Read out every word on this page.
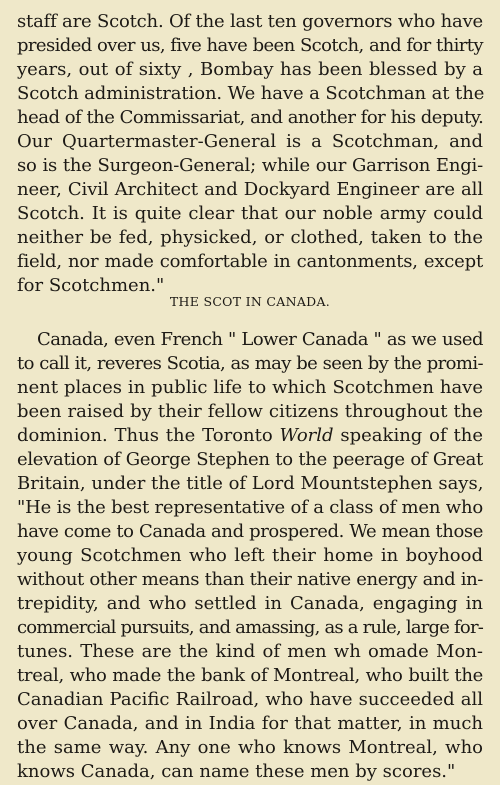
staff are Scotch. Of the last ten governors who have
presided over us, five have been Scotch, and for thirty
years, out of sixty , Bombay has been blessed by a
Scotch administration. We have a Scotchman at the
head of the Commissariat, and another for his deputy.
Our Quartermaster-General is a Scotchman, and
so is the Surgeon-General; while our Garrison Engi-
neer, Civil Architect and Dockyard Engineer are all
Scotch. It is quite clear that our noble army could
neither be fed, physicked, or clothed, taken to the
field, nor made comfortable in cantonments, except
for Scotchmen."
THE SCOT IN CANADA.
Canada, even French " Lower Canada " as we used
to call it, reveres Scotia, as may be seen by the promi-
nent places in public life to which Scotchmen have
been raised by their fellow citizens throughout the
dominion. Thus the Toronto World speaking of the
elevation of George Stephen to the peerage of Great
Britain, under the title of Lord Mountstephen says,
"He is the best representative of a class of men who
have come to Canada and prospered. We mean those
young Scotchmen who left their home in boyhood
without other means than their native energy and in-
trepidity, and who settled in Canada, engaging in
commercial pursuits, and amassing, as a rule, large for-
tunes. These are the kind of men wh omade Mon-
treal, who made the bank of Montreal, who built the
Canadian Pacific Railroad, who have succeeded all
over Canada, and in India for that matter, in much
the same way. Any one who knows Montreal, who
knows Canada, can name these men by scores."
